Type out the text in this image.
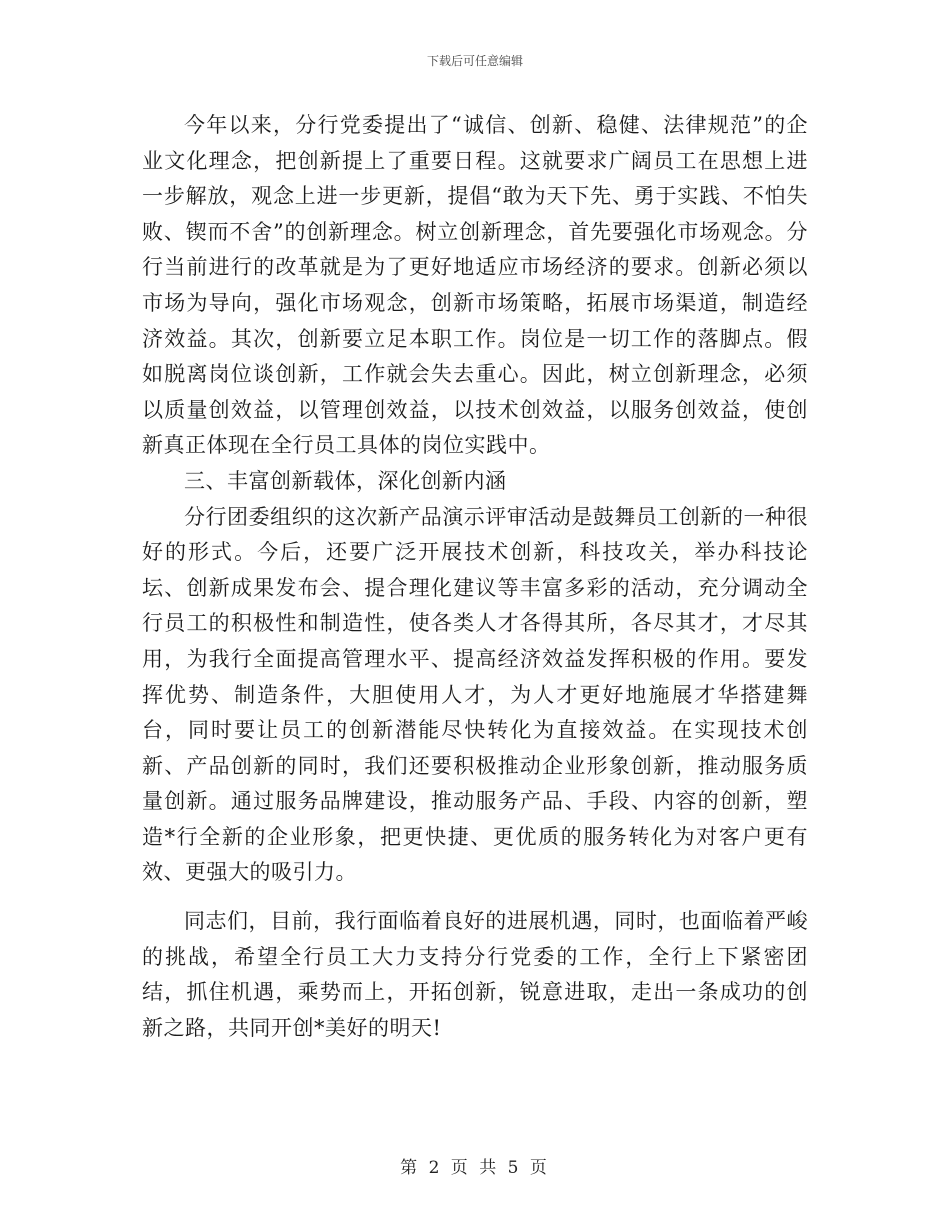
下载后可任意编辑

今年以来，分行党委提出了“诚信、创新、稳健、法律规范”的企业文化理念，把创新提上了重要日程。这就要求广阔员工在思想上进一步解放，观念上进一步更新，提倡“敢为天下先、勇于实践、不怕失败、锲而不舍”的创新理念。树立创新理念，首先要强化市场观念。分行当前进行的改革就是为了更好地适应市场经济的要求。创新必须以市场为导向，强化市场观念，创新市场策略，拓展市场渠道，制造经济效益。其次，创新要立足本职工作。岗位是一切工作的落脚点。假如脱离岗位谈创新，工作就会失去重心。因此，树立创新理念，必须以质量创效益，以管理创效益，以技术创效益，以服务创效益，使创新真正体现在全行员工具体的岗位实践中。

三、丰富创新载体，深化创新内涵

分行团委组织的这次新产品演示评审活动是鼓舞员工创新的一种很好的形式。今后，还要广泛开展技术创新，科技攻关，举办科技论坛、创新成果发布会、提合理化建议等丰富多彩的活动，充分调动全行员工的积极性和制造性，使各类人才各得其所，各尽其才，才尽其用，为我行全面提高管理水平、提高经济效益发挥积极的作用。要发挥优势、制造条件，大胆使用人才，为人才更好地施展才华搭建舞台，同时要让员工的创新潜能尽快转化为直接效益。在实现技术创新、产品创新的同时，我们还要积极推动企业形象创新，推动服务质量创新。通过服务品牌建设，推动服务产品、手段、内容的创新，塑造*行全新的企业形象，把更快捷、更优质的服务转化为对客户更有效、更强大的吸引力。

同志们，目前，我行面临着良好的进展机遇，同时，也面临着严峻的挑战，希望全行员工大力支持分行党委的工作，全行上下紧密团结，抓住机遇，乘势而上，开拓创新，锐意进取，走出一条成功的创新之路，共同开创*美好的明天!

第 2 页 共 5 页
